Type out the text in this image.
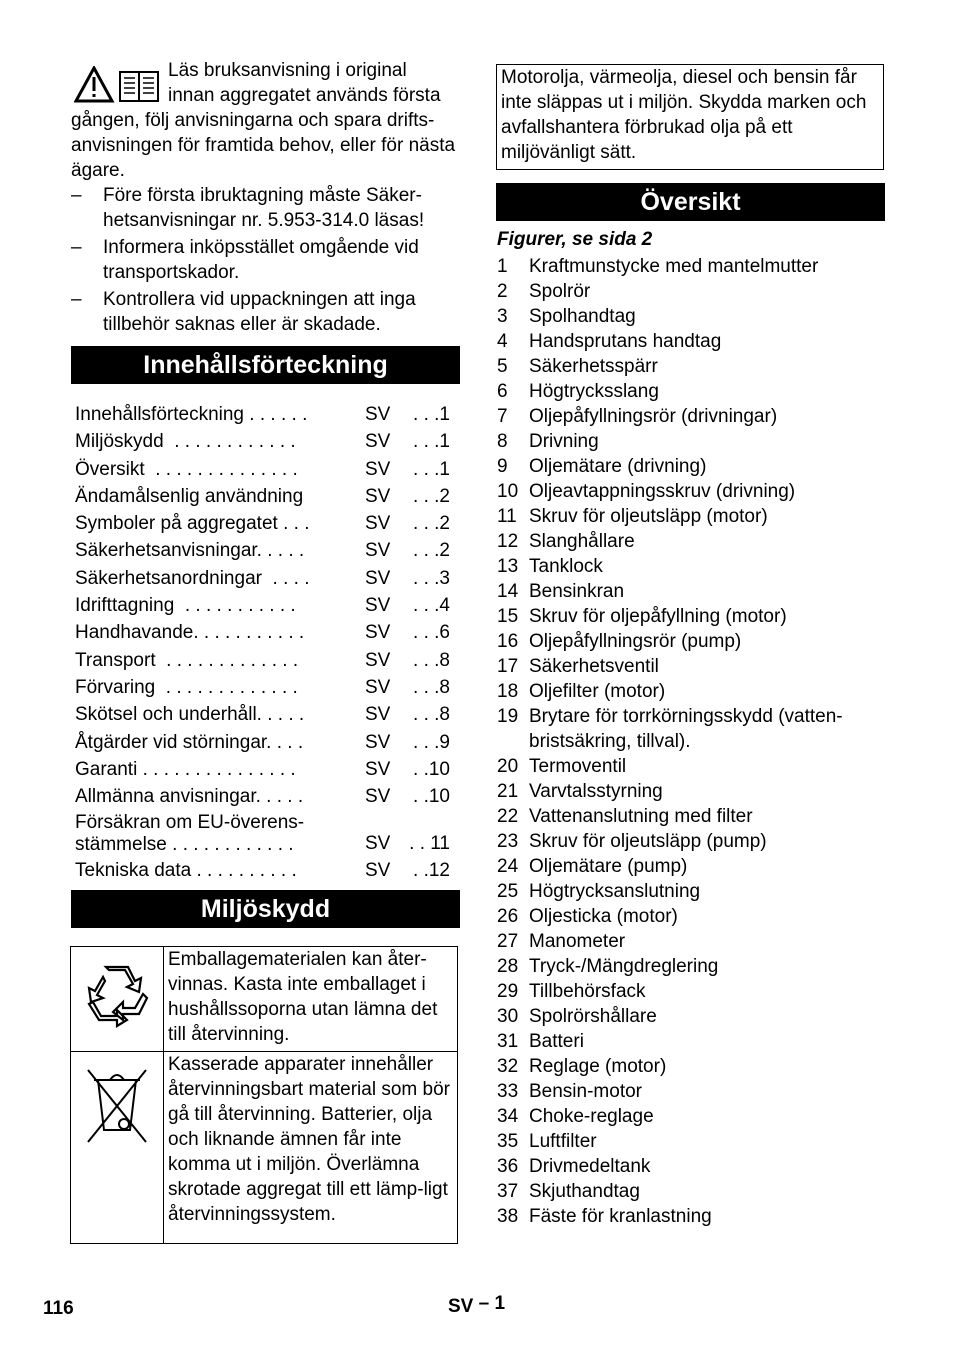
Läs bruksanvisning i original
innan aggregatet används första
gången, följ anvisningarna och spara drifts-anvisningen för framtida behov, eller för nästa ägare.

– Före första ibruktagning måste Säker-hetsanvisningar nr. 5.953-314.0 läsas!
– Informera inköpsstället omgående vid transportskador.
– Kontrollera vid uppackningen att inga tillbehör saknas eller är skadade.
Innehållsförteckning
Innehållsförteckning . . . . . .	SV . . .1
Miljöskydd  . . . . . . . . . . . .	SV . . .1
Översikt  . . . . . . . . . . . . . .	SV . . .1
Ändamålsenlig användning	SV . . .2
Symboler på aggregatet . . .	SV . . .2
Säkerhetsanvisningar. . . . .	SV . . .2
Säkerhetsanordningar  . . . .	SV . . .3
Idrifttagning  . . . . . . . . . . .	SV . . .4
Handhavande. . . . . . . . . . .	SV . . .6
Transport  . . . . . . . . . . . . .	SV . . .8
Förvaring  . . . . . . . . . . . . .	SV . . .8
Skötsel och underhåll. . . . .	SV . . .8
Åtgärder vid störningar. . . .	SV . . .9
Garanti . . . . . . . . . . . . . . .	SV . .10
Allmänna anvisningar. . . . .	SV . .10
Försäkran om EU-överens-stämmelse . . . . . . . . . . . .	SV . . 11
Tekniska data . . . . . . . . . .	SV . .12
Miljöskydd
	Emballagematerialen kan åter-vinnas. Kasta inte emballaget i hushållssoporna utan lämna det till återvinning.
	Kasserade apparater innehåller återvinningsbart material som bör gå till återvinning. Batterier, olja och liknande ämnen får inte komma ut i miljön. Överlämna skrotade aggregat till ett lämp-ligt återvinningssystem.
Motorolja, värmeolja, diesel och bensin får inte släppas ut i miljön. Skydda marken och avfallshantera förbrukad olja på ett miljövänligt sätt.
Översikt
Figurer, se sida 2
1 Kraftmunstycke med mantelmutter
2 Spolrör
3 Spolhandtag
4 Handsprutans handtag
5 Säkerhetsspärr
6 Högtrycksslang
7 Oljepåfyllningsrör (drivningar)
8 Drivning
9 Oljemätare (drivning)
10 Oljeavtappningsskruv (drivning)
11 Skruv för oljeutsläpp (motor)
12 Slanghållare
13 Tanklock
14 Bensinkran
15 Skruv för oljepåfyllning (motor)
16 Oljepåfyllningsrör (pump)
17 Säkerhetsventil
18 Oljefilter (motor)
19 Brytare för torrkörningsskydd (vatten-bristsäkring, tillval).
20 Termoventil
21 Varvtalsstyrning
22 Vattenanslutning med filter
23 Skruv för oljeutsläpp (pump)
24 Oljemätare (pump)
25 Högtrycksanslutning
26 Oljesticka (motor)
27 Manometer
28 Tryck-/Mängdreglering
29 Tillbehörsfack
30 Spolrörshållare
31 Batteri
32 Reglage (motor)
33 Bensin-motor
34 Choke-reglage
35 Luftfilter
36 Drivmedeltank
37 Skjuthandtag
38 Fäste för kranlastning
116	SV – 1
